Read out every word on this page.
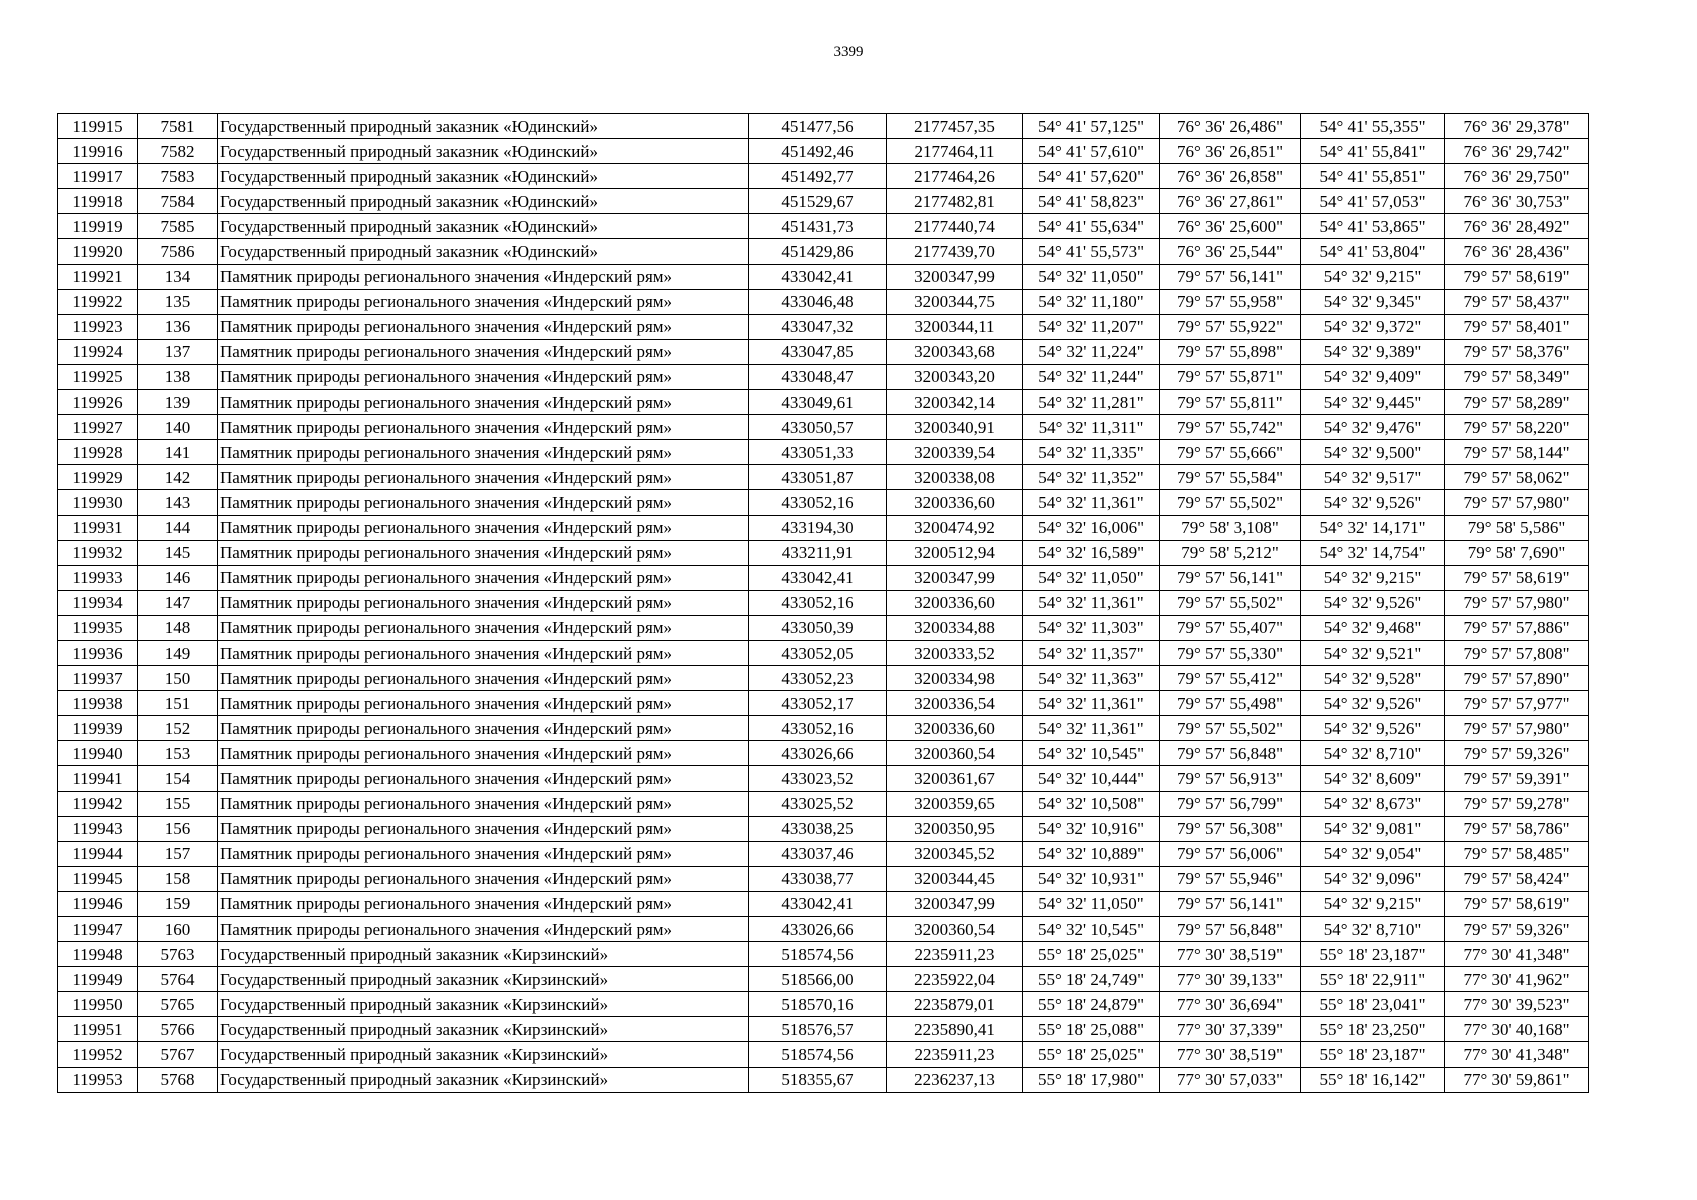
3399
119915	7581	Государственный природный заказник «Юдинский»	451477,56	2177457,35	54° 41' 57,125"	76° 36' 26,486"	54° 41' 55,355"	76° 36' 29,378"
119916	7582	Государственный природный заказник «Юдинский»	451492,46	2177464,11	54° 41' 57,610"	76° 36' 26,851"	54° 41' 55,841"	76° 36' 29,742"
119917	7583	Государственный природный заказник «Юдинский»	451492,77	2177464,26	54° 41' 57,620"	76° 36' 26,858"	54° 41' 55,851"	76° 36' 29,750"
119918	7584	Государственный природный заказник «Юдинский»	451529,67	2177482,81	54° 41' 58,823"	76° 36' 27,861"	54° 41' 57,053"	76° 36' 30,753"
119919	7585	Государственный природный заказник «Юдинский»	451431,73	2177440,74	54° 41' 55,634"	76° 36' 25,600"	54° 41' 53,865"	76° 36' 28,492"
119920	7586	Государственный природный заказник «Юдинский»	451429,86	2177439,70	54° 41' 55,573"	76° 36' 25,544"	54° 41' 53,804"	76° 36' 28,436"
119921	134	Памятник природы регионального значения «Индерский рям»	433042,41	3200347,99	54° 32' 11,050"	79° 57' 56,141"	54° 32' 9,215"	79° 57' 58,619"
119922	135	Памятник природы регионального значения «Индерский рям»	433046,48	3200344,75	54° 32' 11,180"	79° 57' 55,958"	54° 32' 9,345"	79° 57' 58,437"
119923	136	Памятник природы регионального значения «Индерский рям»	433047,32	3200344,11	54° 32' 11,207"	79° 57' 55,922"	54° 32' 9,372"	79° 57' 58,401"
119924	137	Памятник природы регионального значения «Индерский рям»	433047,85	3200343,68	54° 32' 11,224"	79° 57' 55,898"	54° 32' 9,389"	79° 57' 58,376"
119925	138	Памятник природы регионального значения «Индерский рям»	433048,47	3200343,20	54° 32' 11,244"	79° 57' 55,871"	54° 32' 9,409"	79° 57' 58,349"
119926	139	Памятник природы регионального значения «Индерский рям»	433049,61	3200342,14	54° 32' 11,281"	79° 57' 55,811"	54° 32' 9,445"	79° 57' 58,289"
119927	140	Памятник природы регионального значения «Индерский рям»	433050,57	3200340,91	54° 32' 11,311"	79° 57' 55,742"	54° 32' 9,476"	79° 57' 58,220"
119928	141	Памятник природы регионального значения «Индерский рям»	433051,33	3200339,54	54° 32' 11,335"	79° 57' 55,666"	54° 32' 9,500"	79° 57' 58,144"
119929	142	Памятник природы регионального значения «Индерский рям»	433051,87	3200338,08	54° 32' 11,352"	79° 57' 55,584"	54° 32' 9,517"	79° 57' 58,062"
119930	143	Памятник природы регионального значения «Индерский рям»	433052,16	3200336,60	54° 32' 11,361"	79° 57' 55,502"	54° 32' 9,526"	79° 57' 57,980"
119931	144	Памятник природы регионального значения «Индерский рям»	433194,30	3200474,92	54° 32' 16,006"	79° 58' 3,108"	54° 32' 14,171"	79° 58' 5,586"
119932	145	Памятник природы регионального значения «Индерский рям»	433211,91	3200512,94	54° 32' 16,589"	79° 58' 5,212"	54° 32' 14,754"	79° 58' 7,690"
119933	146	Памятник природы регионального значения «Индерский рям»	433042,41	3200347,99	54° 32' 11,050"	79° 57' 56,141"	54° 32' 9,215"	79° 57' 58,619"
119934	147	Памятник природы регионального значения «Индерский рям»	433052,16	3200336,60	54° 32' 11,361"	79° 57' 55,502"	54° 32' 9,526"	79° 57' 57,980"
119935	148	Памятник природы регионального значения «Индерский рям»	433050,39	3200334,88	54° 32' 11,303"	79° 57' 55,407"	54° 32' 9,468"	79° 57' 57,886"
119936	149	Памятник природы регионального значения «Индерский рям»	433052,05	3200333,52	54° 32' 11,357"	79° 57' 55,330"	54° 32' 9,521"	79° 57' 57,808"
119937	150	Памятник природы регионального значения «Индерский рям»	433052,23	3200334,98	54° 32' 11,363"	79° 57' 55,412"	54° 32' 9,528"	79° 57' 57,890"
119938	151	Памятник природы регионального значения «Индерский рям»	433052,17	3200336,54	54° 32' 11,361"	79° 57' 55,498"	54° 32' 9,526"	79° 57' 57,977"
119939	152	Памятник природы регионального значения «Индерский рям»	433052,16	3200336,60	54° 32' 11,361"	79° 57' 55,502"	54° 32' 9,526"	79° 57' 57,980"
119940	153	Памятник природы регионального значения «Индерский рям»	433026,66	3200360,54	54° 32' 10,545"	79° 57' 56,848"	54° 32' 8,710"	79° 57' 59,326"
119941	154	Памятник природы регионального значения «Индерский рям»	433023,52	3200361,67	54° 32' 10,444"	79° 57' 56,913"	54° 32' 8,609"	79° 57' 59,391"
119942	155	Памятник природы регионального значения «Индерский рям»	433025,52	3200359,65	54° 32' 10,508"	79° 57' 56,799"	54° 32' 8,673"	79° 57' 59,278"
119943	156	Памятник природы регионального значения «Индерский рям»	433038,25	3200350,95	54° 32' 10,916"	79° 57' 56,308"	54° 32' 9,081"	79° 57' 58,786"
119944	157	Памятник природы регионального значения «Индерский рям»	433037,46	3200345,52	54° 32' 10,889"	79° 57' 56,006"	54° 32' 9,054"	79° 57' 58,485"
119945	158	Памятник природы регионального значения «Индерский рям»	433038,77	3200344,45	54° 32' 10,931"	79° 57' 55,946"	54° 32' 9,096"	79° 57' 58,424"
119946	159	Памятник природы регионального значения «Индерский рям»	433042,41	3200347,99	54° 32' 11,050"	79° 57' 56,141"	54° 32' 9,215"	79° 57' 58,619"
119947	160	Памятник природы регионального значения «Индерский рям»	433026,66	3200360,54	54° 32' 10,545"	79° 57' 56,848"	54° 32' 8,710"	79° 57' 59,326"
119948	5763	Государственный природный заказник «Кирзинский»	518574,56	2235911,23	55° 18' 25,025"	77° 30' 38,519"	55° 18' 23,187"	77° 30' 41,348"
119949	5764	Государственный природный заказник «Кирзинский»	518566,00	2235922,04	55° 18' 24,749"	77° 30' 39,133"	55° 18' 22,911"	77° 30' 41,962"
119950	5765	Государственный природный заказник «Кирзинский»	518570,16	2235879,01	55° 18' 24,879"	77° 30' 36,694"	55° 18' 23,041"	77° 30' 39,523"
119951	5766	Государственный природный заказник «Кирзинский»	518576,57	2235890,41	55° 18' 25,088"	77° 30' 37,339"	55° 18' 23,250"	77° 30' 40,168"
119952	5767	Государственный природный заказник «Кирзинский»	518574,56	2235911,23	55° 18' 25,025"	77° 30' 38,519"	55° 18' 23,187"	77° 30' 41,348"
119953	5768	Государственный природный заказник «Кирзинский»	518355,67	2236237,13	55° 18' 17,980"	77° 30' 57,033"	55° 18' 16,142"	77° 30' 59,861"
